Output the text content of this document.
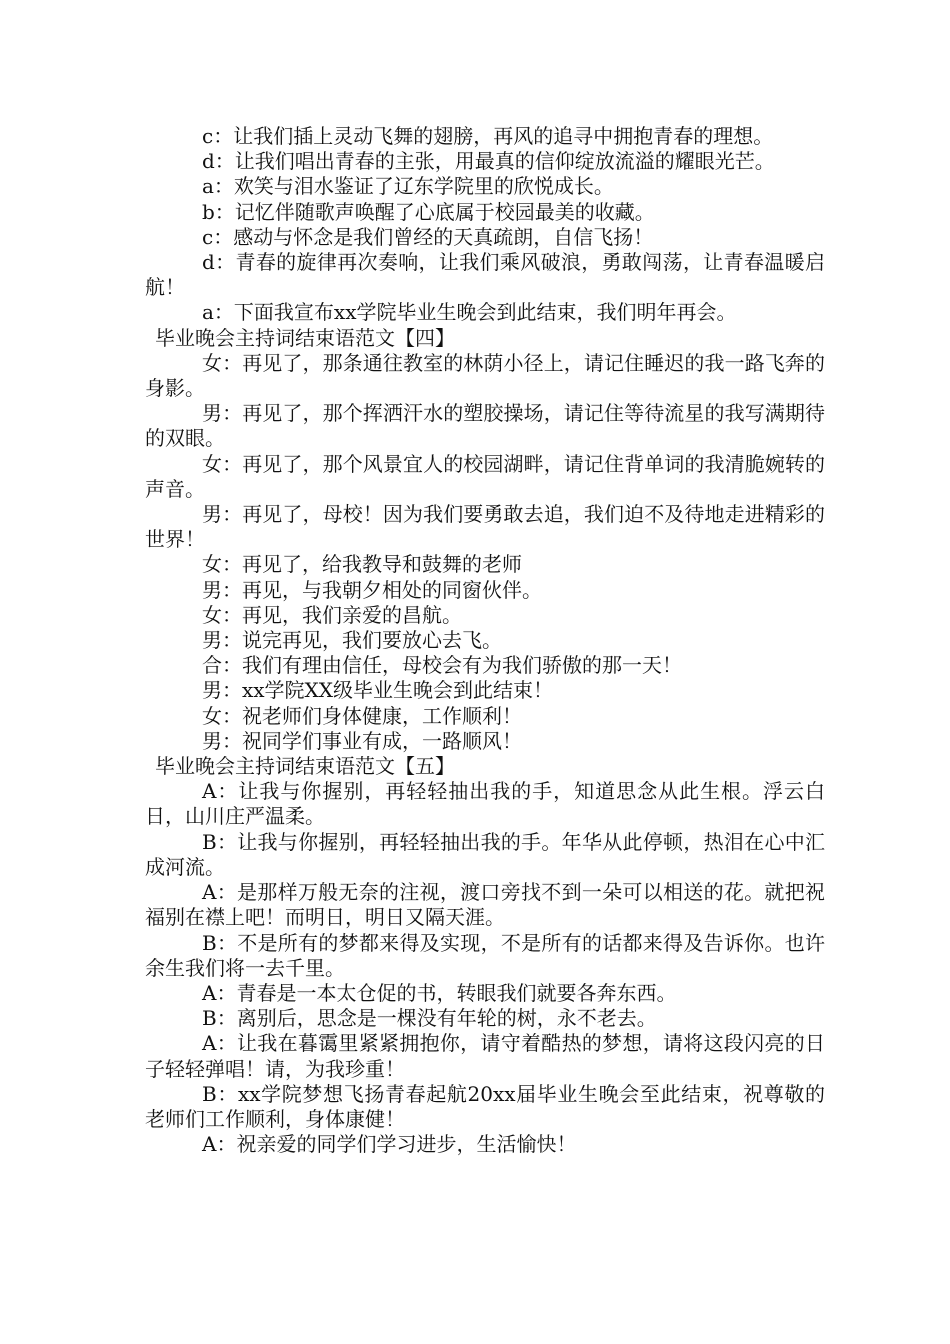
c：让我们插上灵动飞舞的翅膀，再风的追寻中拥抱青春的理想。

d：让我们唱出青春的主张，用最真的信仰绽放流溢的耀眼光芒。

a：欢笑与泪水鉴证了辽东学院里的欣悦成长。

b：记忆伴随歌声唤醒了心底属于校园最美的收藏。

c：感动与怀念是我们曾经的天真疏朗，自信飞扬！

d：青春的旋律再次奏响，让我们乘风破浪，勇敢闯荡，让青春温暖启航！

a：下面我宣布xx学院毕业生晚会到此结束，我们明年再会。

毕业晚会主持词结束语范文【四】

女：再见了，那条通往教室的林荫小径上，请记住睡迟的我一路飞奔的身影。

男：再见了，那个挥洒汗水的塑胶操场，请记住等待流星的我写满期待的双眼。

女：再见了，那个风景宜人的校园湖畔，请记住背单词的我清脆婉转的声音。

男：再见了，母校！因为我们要勇敢去追，我们迫不及待地走进精彩的世界！

女：再见了，给我教导和鼓舞的老师

男：再见，与我朝夕相处的同窗伙伴。

女：再见，我们亲爱的昌航。

男：说完再见，我们要放心去飞。

合：我们有理由信任，母校会有为我们骄傲的那一天！

男：xx学院XX级毕业生晚会到此结束！

女：祝老师们身体健康，工作顺利！

男：祝同学们事业有成，一路顺风！

毕业晚会主持词结束语范文【五】

A：让我与你握别，再轻轻抽出我的手，知道思念从此生根。浮云白日，山川庄严温柔。

B：让我与你握别，再轻轻抽出我的手。年华从此停顿，热泪在心中汇成河流。

A：是那样万般无奈的注视，渡口旁找不到一朵可以相送的花。就把祝福别在襟上吧！而明日，明日又隔天涯。

B：不是所有的梦都来得及实现，不是所有的话都来得及告诉你。也许余生我们将一去千里。

A：青春是一本太仓促的书，转眼我们就要各奔东西。

B：离别后，思念是一棵没有年轮的树，永不老去。

A：让我在暮霭里紧紧拥抱你，请守着酷热的梦想，请将这段闪亮的日子轻轻弹唱！请，为我珍重！

B：xx学院梦想飞扬青春起航20xx届毕业生晚会至此结束，祝尊敬的老师们工作顺利，身体康健！

A：祝亲爱的同学们学习进步，生活愉快！
